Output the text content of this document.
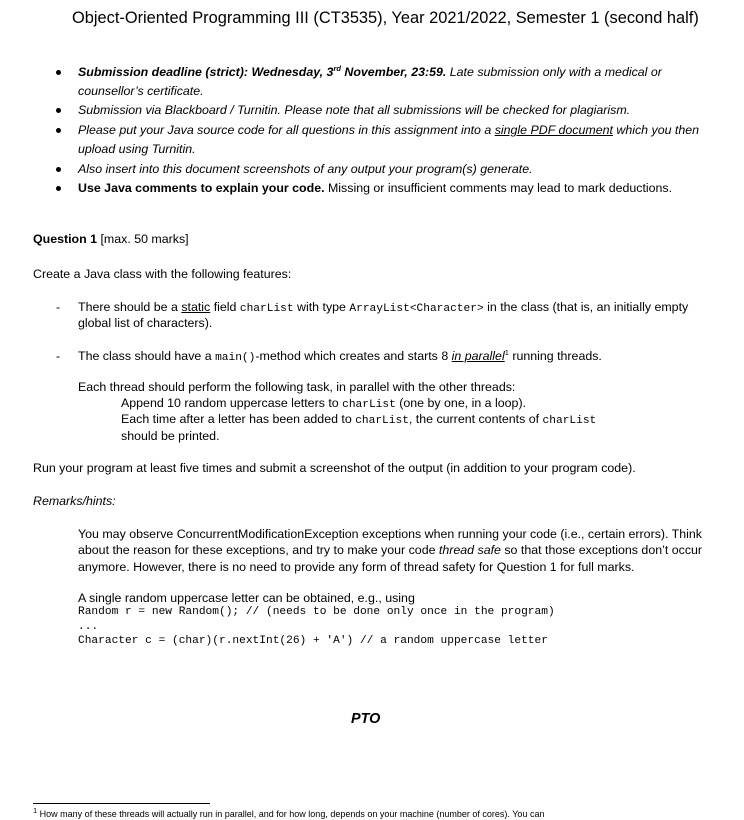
Object-Oriented Programming III (CT3535), Year 2021/2022, Semester 1 (second half)
Submission deadline (strict): Wednesday, 3rd November, 23:59. Late submission only with a medical or
counsellor’s certificate.
Submission via Blackboard / Turnitin. Please note that all submissions will be checked for plagiarism.
Please put your Java source code for all questions in this assignment into a single PDF document which you then
upload using Turnitin.
Also insert into this document screenshots of any output your program(s) generate.
Use Java comments to explain your code. Missing or insufficient comments may lead to mark deductions.
Question 1 [max. 50 marks]
Create a Java class with the following features:
- There should be a static field charList with type ArrayList<Character> in the class (that is, an initially empty
global list of characters).
- The class should have a main()-method which creates and starts 8 in parallel$^1$ running threads.
Each thread should perform the following task, in parallel with the other threads:
Append 10 random uppercase letters to charList (one by one, in a loop).
Each time after a letter has been added to charList, the current contents of charList
should be printed.
Run your program at least five times and submit a screenshot of the output (in addition to your program code).
Remarks/hints:
You may observe ConcurrentModificationException exceptions when running your code (i.e., certain errors). Think
about the reason for these exceptions, and try to make your code thread safe so that those exceptions don’t occur
anymore. However, there is no need to provide any form of thread safety for Question 1 for full marks.
A single random uppercase letter can be obtained, e.g., using
Random r = new Random(); // (needs to be done only once in the program)
...
Character c = (char)(r.nextInt(26) + 'A') // a random uppercase letter
PTO
$^1$ How many of these threads will actually run in parallel, and for how long, depends on your machine (number of cores). You can
